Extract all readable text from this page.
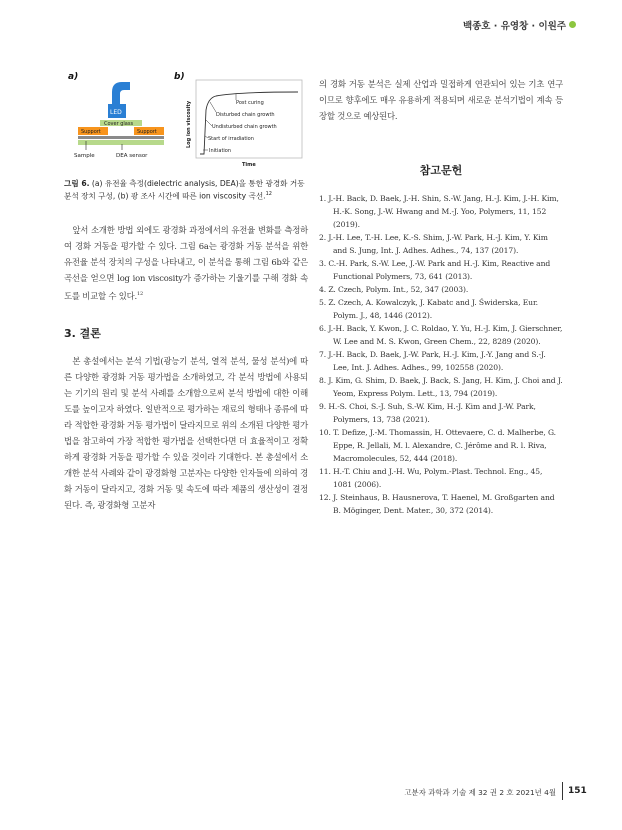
백종호 · 유영창 · 이원주
a)	b)
LED
Cover glass
Support	Support
Sample	DEA sensor
Log ion viscosity
Time
Post curing
Disturbed chain growth
Undisturbed chain growth
Start of irradiation
Initiation
그림 6. (a) 유전율 측정(dielectric analysis, DEA)을 통한 광경화 거동 분석 장치 구성, (b) 광 조사 시간에 따른 ion viscosity 곡선.$^{12}$

앞서 소개한 방법 외에도 광경화 과정에서의 유전율 변화를 측정하여 경화 거동을 평가할 수 있다. 그림 6a는 광경화 거동 분석을 위한 유전율 분석 장치의 구성을 나타내고, 이 분석을 통해 그림 6b와 같은 곡선을 얻으면 log ion viscosity가 증가하는 기울기를 구해 경화 속도를 비교할 수 있다.$^{12}$

3. 결론

본 총설에서는 분석 기법(광능기 분석, 열적 분석, 물성 분석)에 따른 다양한 광경화 거동 평가법을 소개하였고, 각 분석 방법에 사용되는 기기의 원리 및 분석 사례를 소개함으로써 분석 방법에 대한 이해도를 높이고자 하였다. 일반적으로 평가하는 재료의 형태나 종류에 따라 적합한 광경화 거동 평가법이 달라지므로 위의 소개된 다양한 평가법을 참고하여 가장 적합한 평가법을 선택한다면 더 효율적이고 정확하게 광경화 거동을 평가할 수 있을 것이라 기대한다. 본 총설에서 소개한 분석 사례와 같이 광경화형 고분자는 다양한 인자들에 의하여 경화 거동이 달라지고, 경화 거동 및 속도에 따라 제품의 생산성이 결정된다. 즉, 광경화형 고분자

의 경화 거동 분석은 실제 산업과 밀접하게 연관되어 있는 기초 연구이므로 향후에도 매우 유용하게 적용되며 새로운 분석기법이 계속 등장할 것으로 예상된다.

참고문헌
1. J.-H. Back, D. Baek, J.-H. Shin, S.-W. Jang, H.-J. Kim, J.-H. Kim, H.-K. Song, J.-W. Hwang and M.-J. Yoo, Polymers, 11, 152 (2019).
2. J.-H. Lee, T.-H. Lee, K.-S. Shim, J.-W. Park, H.-J. Kim, Y. Kim and S. Jung, Int. J. Adhes. Adhes., 74, 137 (2017).
3. C.-H. Park, S.-W. Lee, J.-W. Park and H.-J. Kim, Reactive and Functional Polymers, 73, 641 (2013).
4. Z. Czech, Polym. Int., 52, 347 (2003).
5. Z. Czech, A. Kowalczyk, J. Kabatc and J. Świderska, Eur. Polym. J., 48, 1446 (2012).
6. J.-H. Back, Y. Kwon, J. C. Roldao, Y. Yu, H.-J. Kim, J. Gierschner, W. Lee and M. S. Kwon, Green Chem., 22, 8289 (2020).
7. J.-H. Back, D. Baek, J.-W. Park, H.-J. Kim, J.-Y. Jang and S.-J. Lee, Int. J. Adhes. Adhes., 99, 102558 (2020).
8. J. Kim, G. Shim, D. Baek, J. Back, S. Jang, H. Kim, J. Choi and J. Yeom, Express Polym. Lett., 13, 794 (2019).
9. H.-S. Choi, S.-J. Suh, S.-W. Kim, H.-J. Kim and J.-W. Park, Polymers, 13, 738 (2021).
10. T. Defize, J.-M. Thomassin, H. Ottevaere, C. d. Malherbe, G. Eppe, R. Jellali, M. l. Alexandre, C. Jérôme and R. l. Riva, Macromolecules, 52, 444 (2018).
11. H.-T. Chiu and J.-H. Wu, Polym.-Plast. Technol. Eng., 45, 1081 (2006).
12. J. Steinhaus, B. Hausnerova, T. Haenel, M. Großgarten and B. Möginger, Dent. Mater., 30, 372 (2014).
고분자 과학과 기술 제 32 권 2 호 2021년 4월 151
